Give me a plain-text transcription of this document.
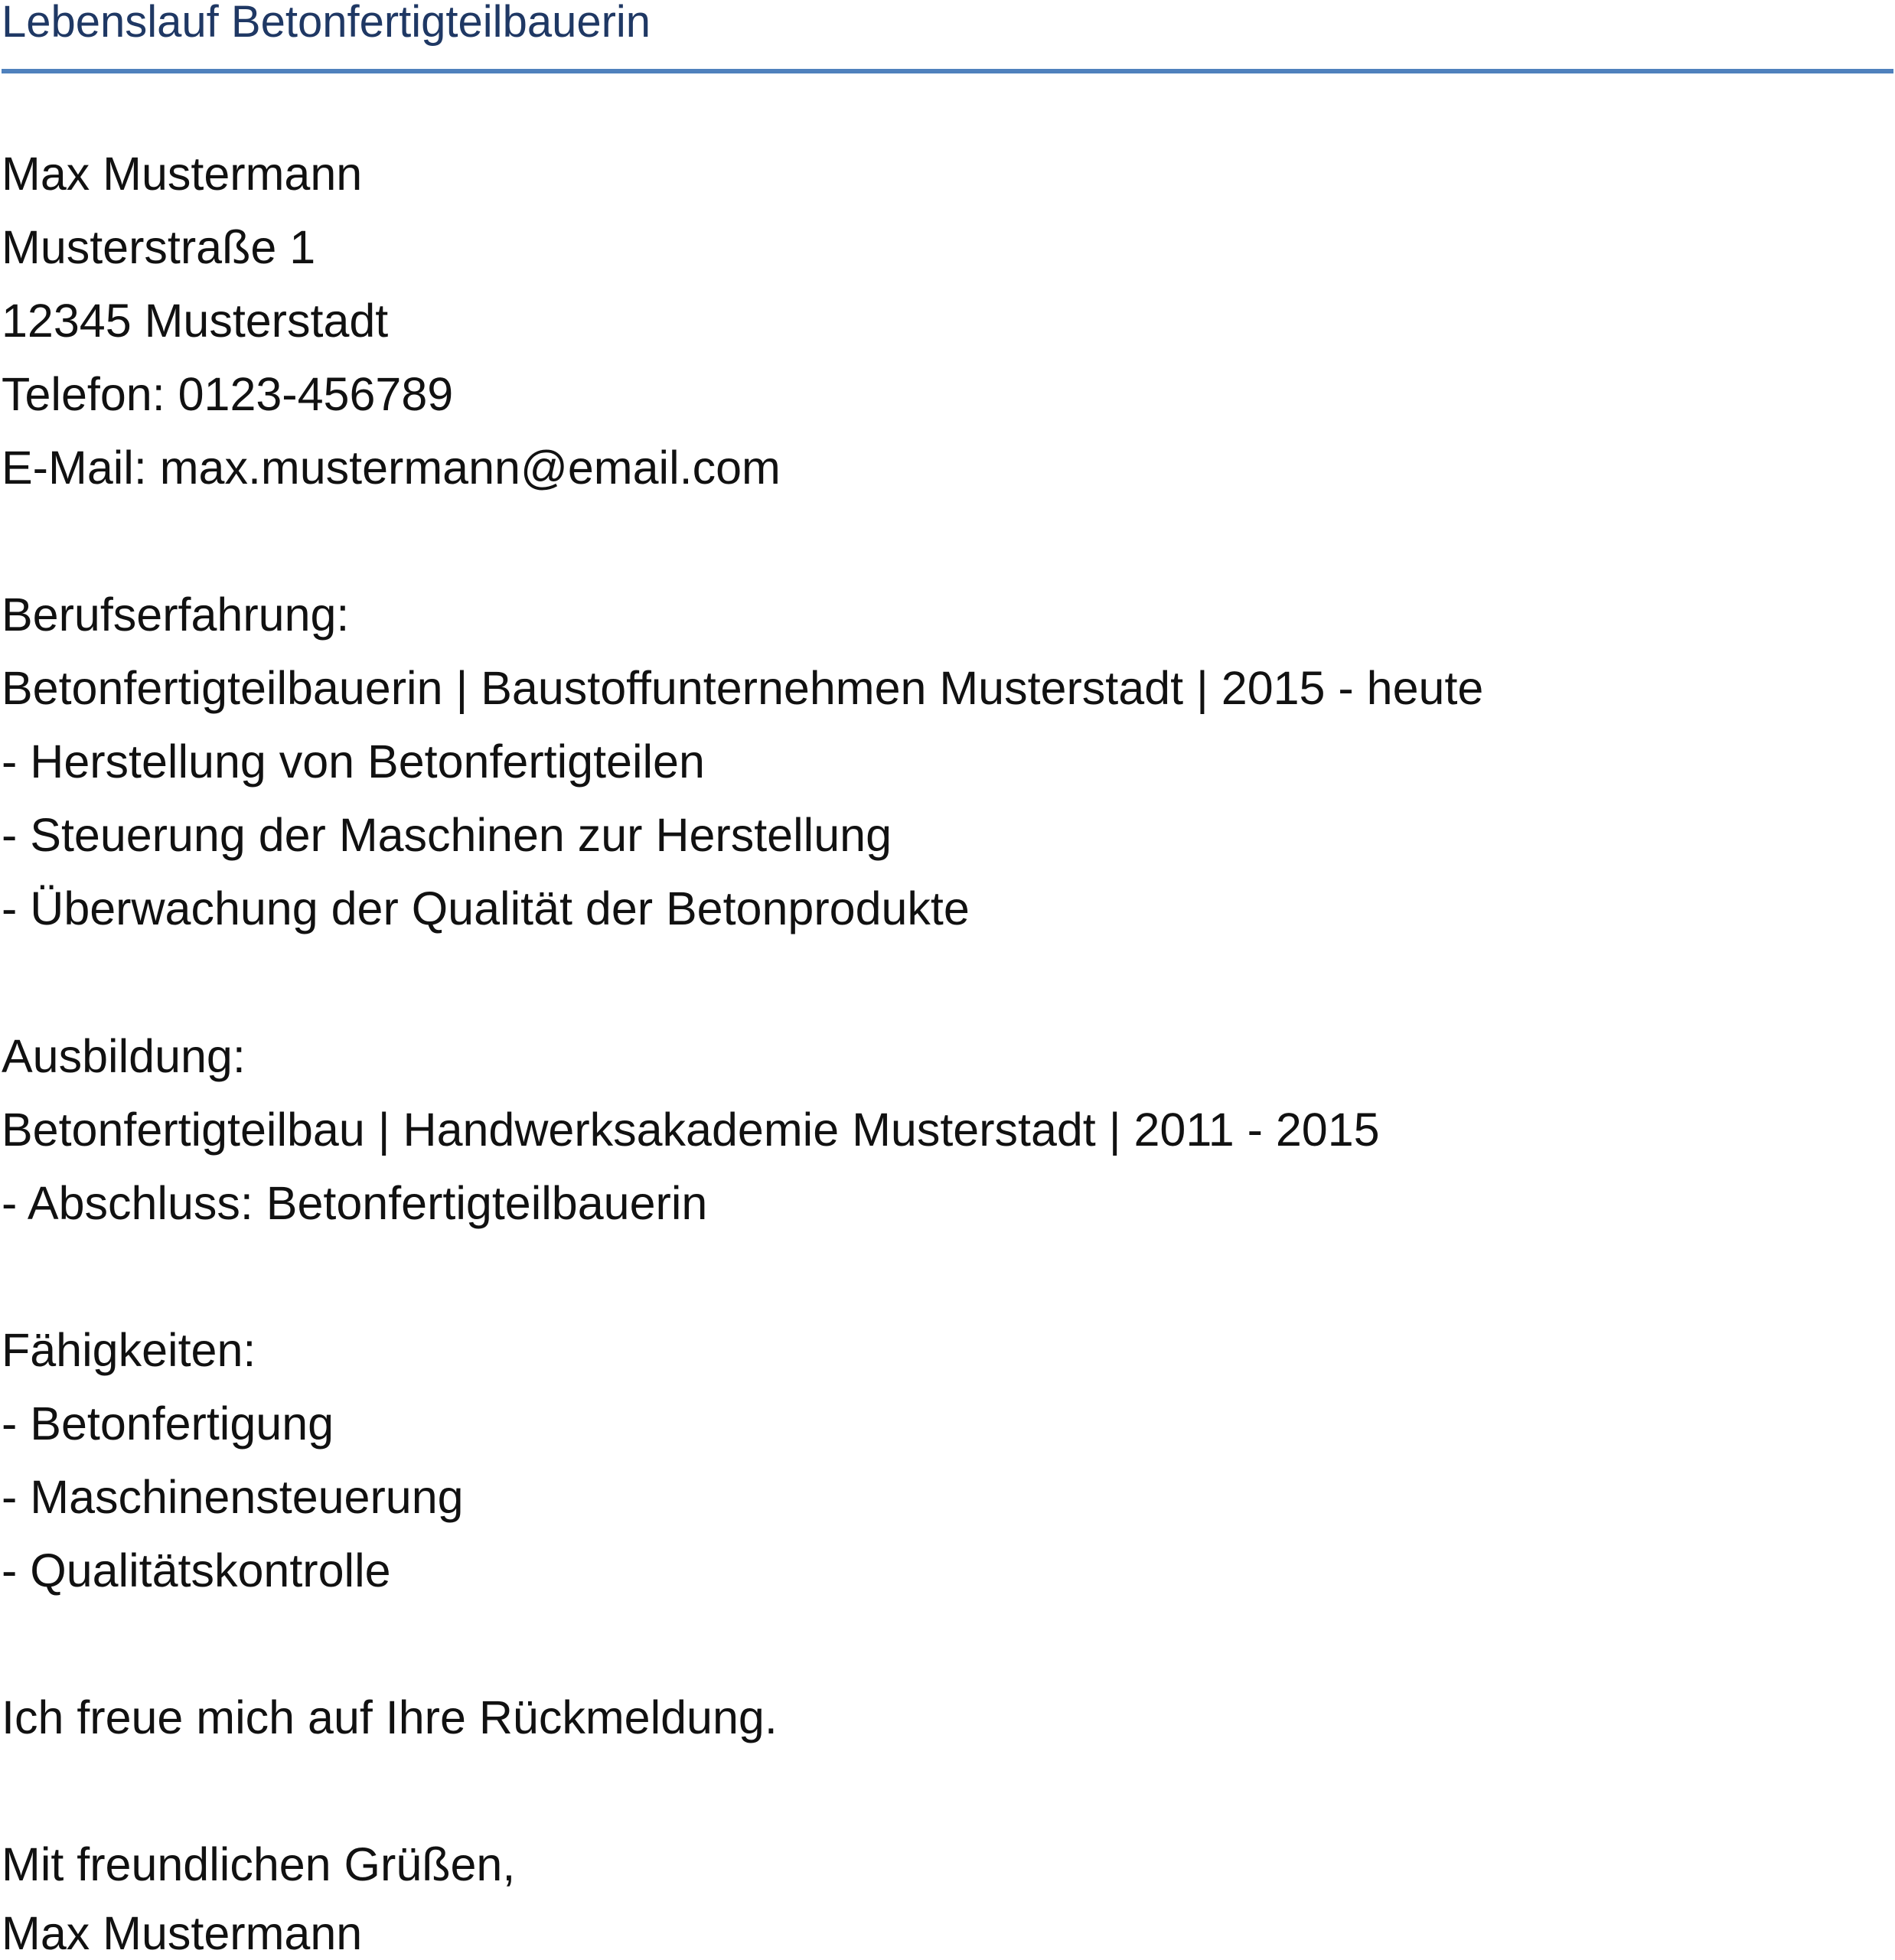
Lebenslauf Betonfertigteilbauerin
Max Mustermann
Musterstraße 1
12345 Musterstadt
Telefon: 0123-456789
E-Mail: max.mustermann@email.com
Berufserfahrung:
Betonfertigteilbauerin | Baustoffunternehmen Musterstadt | 2015 - heute
- Herstellung von Betonfertigteilen
- Steuerung der Maschinen zur Herstellung
- Überwachung der Qualität der Betonprodukte
Ausbildung:
Betonfertigteilbau | Handwerksakademie Musterstadt | 2011 - 2015
- Abschluss: Betonfertigteilbauerin
Fähigkeiten:
- Betonfertigung
- Maschinensteuerung
- Qualitätskontrolle
Ich freue mich auf Ihre Rückmeldung.
Mit freundlichen Grüßen,
Max Mustermann
